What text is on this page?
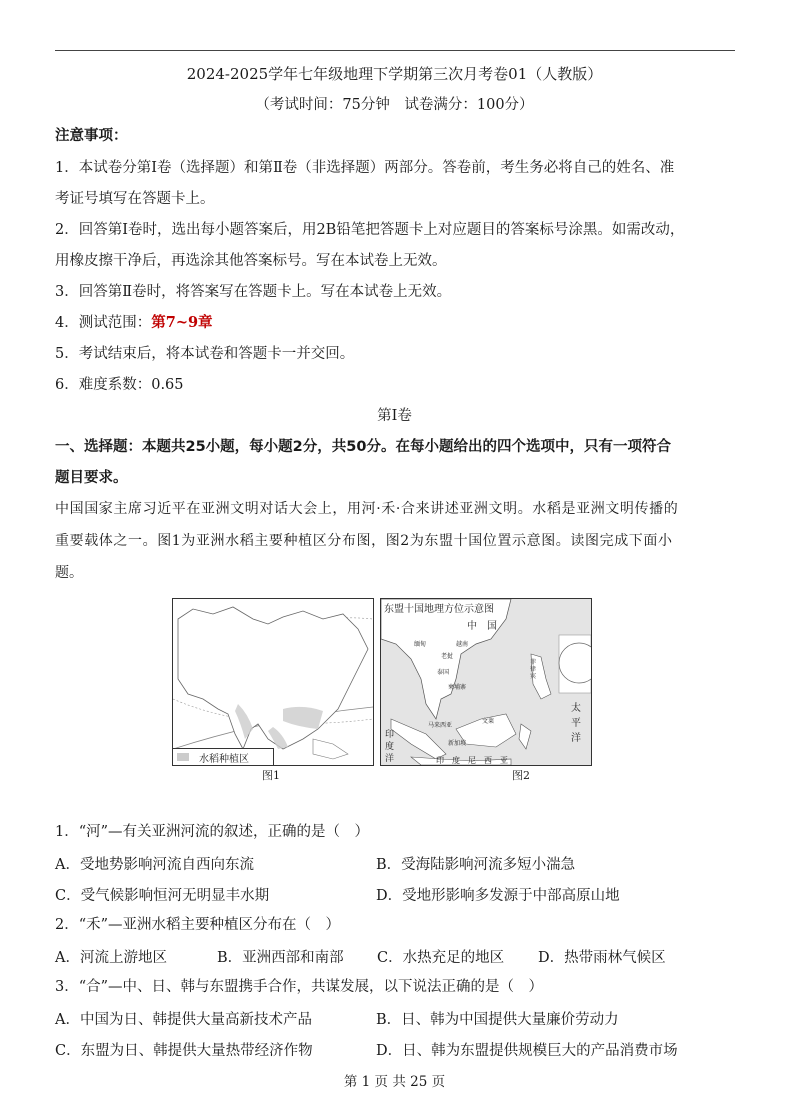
2024-2025学年七年级地理下学期第三次月考卷01（人教版）
（考试时间：75分钟　试卷满分：100分）
注意事项：
1．本试卷分第Ⅰ卷（选择题）和第Ⅱ卷（非选择题）两部分。答卷前，考生务必将自己的姓名、准
考证号填写在答题卡上。
2．回答第Ⅰ卷时，选出每小题答案后，用2B铅笔把答题卡上对应题目的答案标号涂黑。如需改动，
用橡皮擦干净后，再选涂其他答案标号。写在本试卷上无效。
3．回答第Ⅱ卷时，将答案写在答题卡上。写在本试卷上无效。
4．测试范围：第7~9章
5．考试结束后，将本试卷和答题卡一并交回。
6．难度系数：0.65
第Ⅰ卷
一、选择题：本题共25小题，每小题2分，共50分。在每小题给出的四个选项中，只有一项符合
题目要求。
中国国家主席习近平在亚洲文明对话大会上，用河·禾·合来讲述亚洲文明。水稻是亚洲文明传播的
重要载体之一。图1为亚洲水稻主要种植区分布图，图2为东盟十国位置示意图。读图完成下面小
题。
水稻种植区
图1
东盟十国地理方位示意图
中　国
缅甸	越南
老挝
泰国
柬埔寨
菲律宾
马来西亚
文莱
新加坡
印　度　尼　西　亚
太 平 洋
印
度
洋
图2
1．“河”—有关亚洲河流的叙述，正确的是（　）
A．受地势影响河流自西向东流	B．受海陆影响河流多短小湍急
C．受气候影响恒河无明显丰水期	D．受地形影响多发源于中部高原山地
2．“禾”—亚洲水稻主要种植区分布在（　）
A．河流上游地区	B．亚洲西部和南部 C．水热充足的地区 D．热带雨林气候区
3．“合”—中、日、韩与东盟携手合作，共谋发展，以下说法正确的是（　）
A．中国为日、韩提供大量高新技术产品	B．日、韩为中国提供大量廉价劳动力
C．东盟为日、韩提供大量热带经济作物	D．日、韩为东盟提供规模巨大的产品消费市场
第 1 页 共 25 页
